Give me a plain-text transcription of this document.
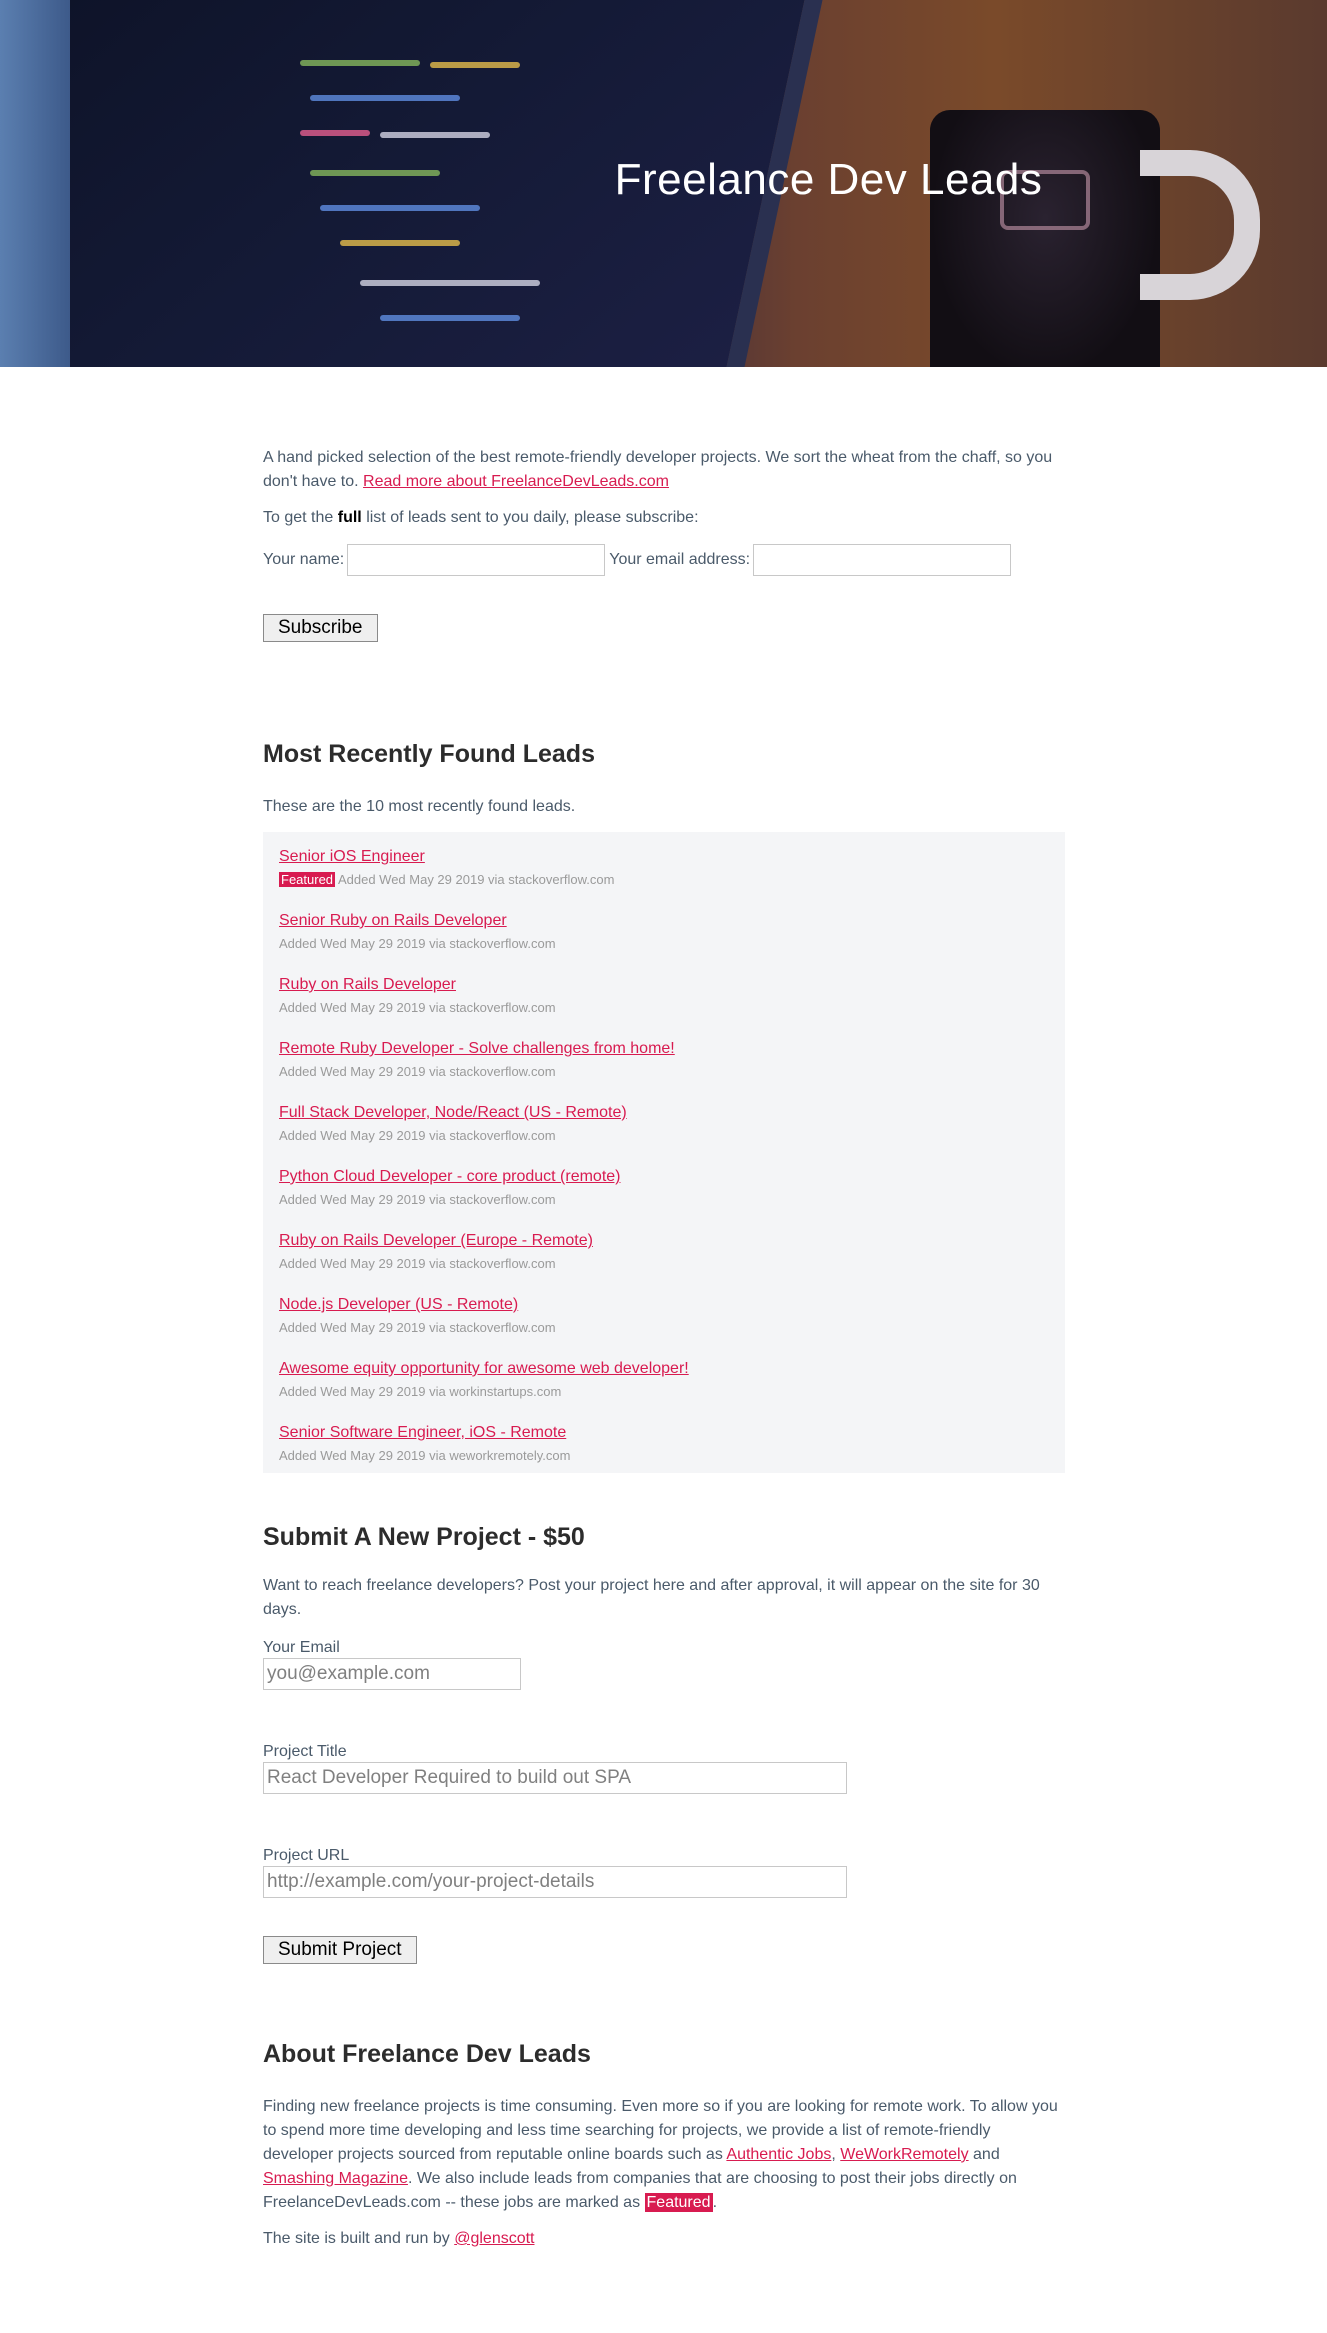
Freelance Dev Leads

A hand picked selection of the best remote-friendly developer projects. We sort the wheat from the chaff, so you don't have to. Read more about FreelanceDevLeads.com

To get the full list of leads sent to you daily, please subscribe:

Your name:	Your email address:
Subscribe
Most Recently Found Leads

These are the 10 most recently found leads.

Senior iOS Engineer
Featured Added Wed May 29 2019 via stackoverflow.com
Senior Ruby on Rails Developer
Added Wed May 29 2019 via stackoverflow.com
Ruby on Rails Developer
Added Wed May 29 2019 via stackoverflow.com
Remote Ruby Developer - Solve challenges from home!
Added Wed May 29 2019 via stackoverflow.com
Full Stack Developer, Node/React (US - Remote)
Added Wed May 29 2019 via stackoverflow.com
Python Cloud Developer - core product (remote)
Added Wed May 29 2019 via stackoverflow.com
Ruby on Rails Developer (Europe - Remote)
Added Wed May 29 2019 via stackoverflow.com
Node.js Developer (US - Remote)
Added Wed May 29 2019 via stackoverflow.com
Awesome equity opportunity for awesome web developer!
Added Wed May 29 2019 via workinstartups.com
Senior Software Engineer, iOS - Remote
Added Wed May 29 2019 via weworkremotely.com
Submit A New Project - $50

Want to reach freelance developers? Post your project here and after approval, it will appear on the site for 30 days.

Your Email
you@example.com
Project Title
React Developer Required to build out SPA
Project URL
http://example.com/your-project-details
Submit Project
About Freelance Dev Leads

Finding new freelance projects is time consuming. Even more so if you are looking for remote work. To allow you to spend more time developing and less time searching for projects, we provide a list of remote-friendly developer projects sourced from reputable online boards such as Authentic Jobs, WeWorkRemotely and Smashing Magazine. We also include leads from companies that are choosing to post their jobs directly on FreelanceDevLeads.com -- these jobs are marked as Featured .

The site is built and run by @glenscott
